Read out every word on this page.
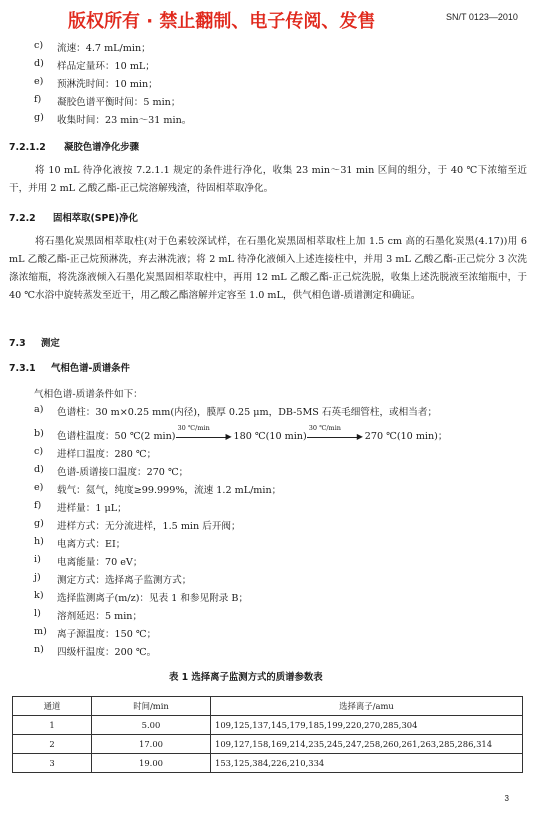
版权所有 · 禁止翻制、电子传阅、发售	SN/T 0123—2010
c) 流速：4.7 mL/min；
d) 样品定量环：10 mL；
e) 预淋洗时间：10 min；
f) 凝胶色谱平衡时间：5 min；
g) 收集时间：23 min～31 min。
7.2.1.2 凝胶色谱净化步骤
将 10 mL 待净化液按 7.2.1.1 规定的条件进行净化，收集 23 min～31 min 区间的组分，于 40 ℃下浓缩至近干，并用 2 mL 乙酸乙酯-正己烷溶解残渣，待固相萃取净化。
7.2.2 固相萃取(SPE)净化
将石墨化炭黑固相萃取柱(对于色素较深试样，在石墨化炭黑固相萃取柱上加 1.5 cm 高的石墨化炭黑(4.17))用 6 mL 乙酸乙酯-正己烷预淋洗，弃去淋洗液；将 2 mL 待净化液倾入上述连接柱中，并用 3 mL 乙酸乙酯-正己烷分 3 次洗涤浓缩瓶，将洗涤液倾入石墨化炭黑固相萃取柱中，再用 12 mL 乙酸乙酯-正己烷洗脱，收集上述洗脱液至浓缩瓶中，于 40 ℃水浴中旋转蒸发至近干，用乙酸乙酯溶解并定容至 1.0 mL，供气相色谱-质谱测定和确证。
7.3 测定
7.3.1 气相色谱-质谱条件
气相色谱-质谱条件如下：
a) 色谱柱：30 m×0.25 mm(内径)，膜厚 0.25 μm，DB-5MS 石英毛细管柱，或相当者；
b) 色谱柱温度：50 ℃(2 min)
30 ℃/min
▶ 180 ℃(10 min)
30 ℃/min
▶ 270 ℃(10 min)；
c) 进样口温度：280 ℃；
d) 色谱-质谱接口温度：270 ℃；
e) 载气：氦气，纯度≥99.999%，流速 1.2 mL/min；
f) 进样量：1 μL；
g) 进样方式：无分流进样，1.5 min 后开阀；
h) 电离方式：EI；
i) 电离能量：70 eV；
j) 测定方式：选择离子监测方式；
k) 选择监测离子(m/z)：见表 1 和参见附录 B；
l) 溶剂延迟：5 min；
m) 离子源温度：150 ℃；
n) 四级杆温度：200 ℃。
表 1 选择离子监测方式的质谱参数表
通道	时间/min	选择离子/amu
1	5.00	109,125,137,145,179,185,199,220,270,285,304
2	17.00	109,127,158,169,214,235,245,247,258,260,261,263,285,286,314
3	19.00	153,125,384,226,210,334
3
